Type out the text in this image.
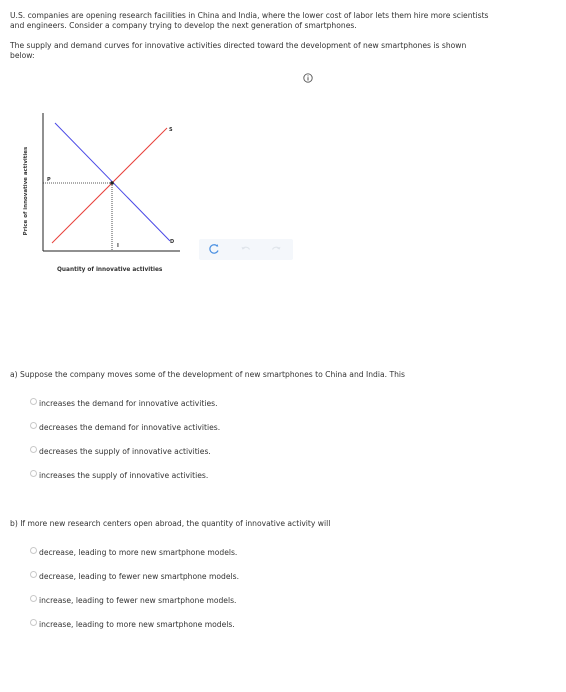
U.S. companies are opening research facilities in China and India, where the lower cost of labor lets them hire more scientists and engineers. Consider a company trying to develop the next generation of smartphones.

The supply and demand curves for innovative activities directed toward the development of new smartphones is shown below:

Price of innovative activities	P
I
S
D
Quantity of innovative activities
a) Suppose the company moves some of the development of new smartphones to China and India. This
increases the demand for innovative activities.
decreases the demand for innovative activities.
decreases the supply of innovative activities.
increases the supply of innovative activities.
b) If more new research centers open abroad, the quantity of innovative activity will
decrease, leading to more new smartphone models.
decrease, leading to fewer new smartphone models.
increase, leading to fewer new smartphone models.
increase, leading to more new smartphone models.
